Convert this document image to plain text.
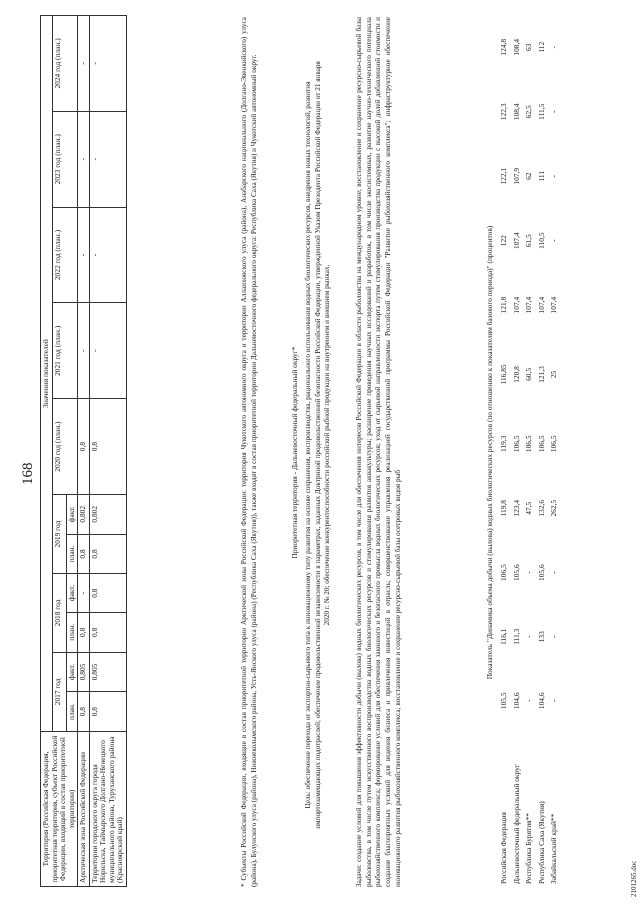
168
Территория (Российская Федерация, приоритетная территория, субъект Российской Федерации, входящий в состав приоритетной территории)	Значения показателей										
	2017 год		2018 год		2019 год		2020 год (план.)	2021 год (план.)	2022 год (план.)	2023 год (план.)	2024 год (план.)
	план.	факт.	план.	факт.	план.	факт.					
Арктическая зона Российской Федерации	0,8	0,805	0,8	-	0,8	0,802	0,8	-	-	-	-
Территории городского округа города Норильска, Таймырского Долгано-Ненецкого муниципального района, Туруханского района (Красноярский край)	0,8	0,805	0,8	0,8	0,8	0,802	0,8	-	-	-	-	* Субъекты Российской Федерации, входящие в состав приоритетной территории Арктической зоны Российской Федерации: территория Чукотского автономного округа и территории Аллаиховского улуса (района), Анабарского национального (Долгано-Эвенкийского) улуса (района), Булунского улуса (района), Нижнеколымского района, Усть-Янского улуса (района) (Республика Саха (Якутия)), также входят в состав приоритетной территории Дальневосточного федерального округа: Республика Саха (Якутия) и Чукотский автономный округ.	Приоритетная территория - Дальневосточный федеральный округ* Цель: обеспечение перехода от экспортно-сырьевого типа к инновационному типу развития на основе сохранения, воспроизводства, рационального использования водных биологических ресурсов, внедрения новых технологий, развития импортозамещающих подотраслей; обеспечение продовольственной независимости в параметрах, заданных Доктриной продовольственной безопасности Российской Федерации, утвержденной Указом Президента Российской Федерации от 21 января 2020 г. № 20; обеспечение конкурентоспособности российской рыбной продукции на внутреннем и внешнем рынках.	Задачи: создание условий для повышения эффективности добычи (вылова) водных биологических ресурсов, в том числе для обеспечения интересов Российской Федерации в области рыболовства на международном уровне; восстановление и сохранение ресурсно-сырьевой базы рыболовства, в том числе путем искусственного воспроизводства водных биологических ресурсов и стимулирования развития аквакультуры; расширение проведения научных исследований и разработок, в том числе экосистемных, развитие научно-технического потенциала рыбохозяйственного комплекса; формирование условий для обеспечения законного и безопасного промысла водных биологических ресурсов; уход от сырьевой направленности экспорта путем стимулирования производства продукции с высокой долей добавленной стоимости и создание благоприятных условий для ведения бизнеса и привлечения инвестиций в отрасль; совершенствование управления реализацией государственной программы Российской Федерации "Развитие рыбохозяйственного комплекса"; инфраструктурное обеспечение инновационного развития рыбохозяйственного комплекса; восстановление и сохранение ресурсно-сырьевой базы осетровых видов рыб	Показатель "Динамика объема добычи (вылова) водных биологических ресурсов (по отношению к показателям базового периода)" (процентов)
Российская Федерация	105,5	116,1	106,5	119,8	119,3	116,85	121,8	122	122,1	122,3	124,8
Дальневосточный федеральный округ	104,6	111,3	105,6	123,4	106,5	120,8	107,4	107,4	107,9	108,4	108,4
Республика Бурятия**	-	-	-	47,5	106,5	60,5	107,4	61,5	62	62,5	63
Республика Саха (Якутия)	104,6	133	105,6	132,6	106,5	121,3	107,4	110,5	111	111,5	112
Забайкальский край**	-	-	-	262,5	106,5	25	107,4	-	-	-	-
2101265.doc
